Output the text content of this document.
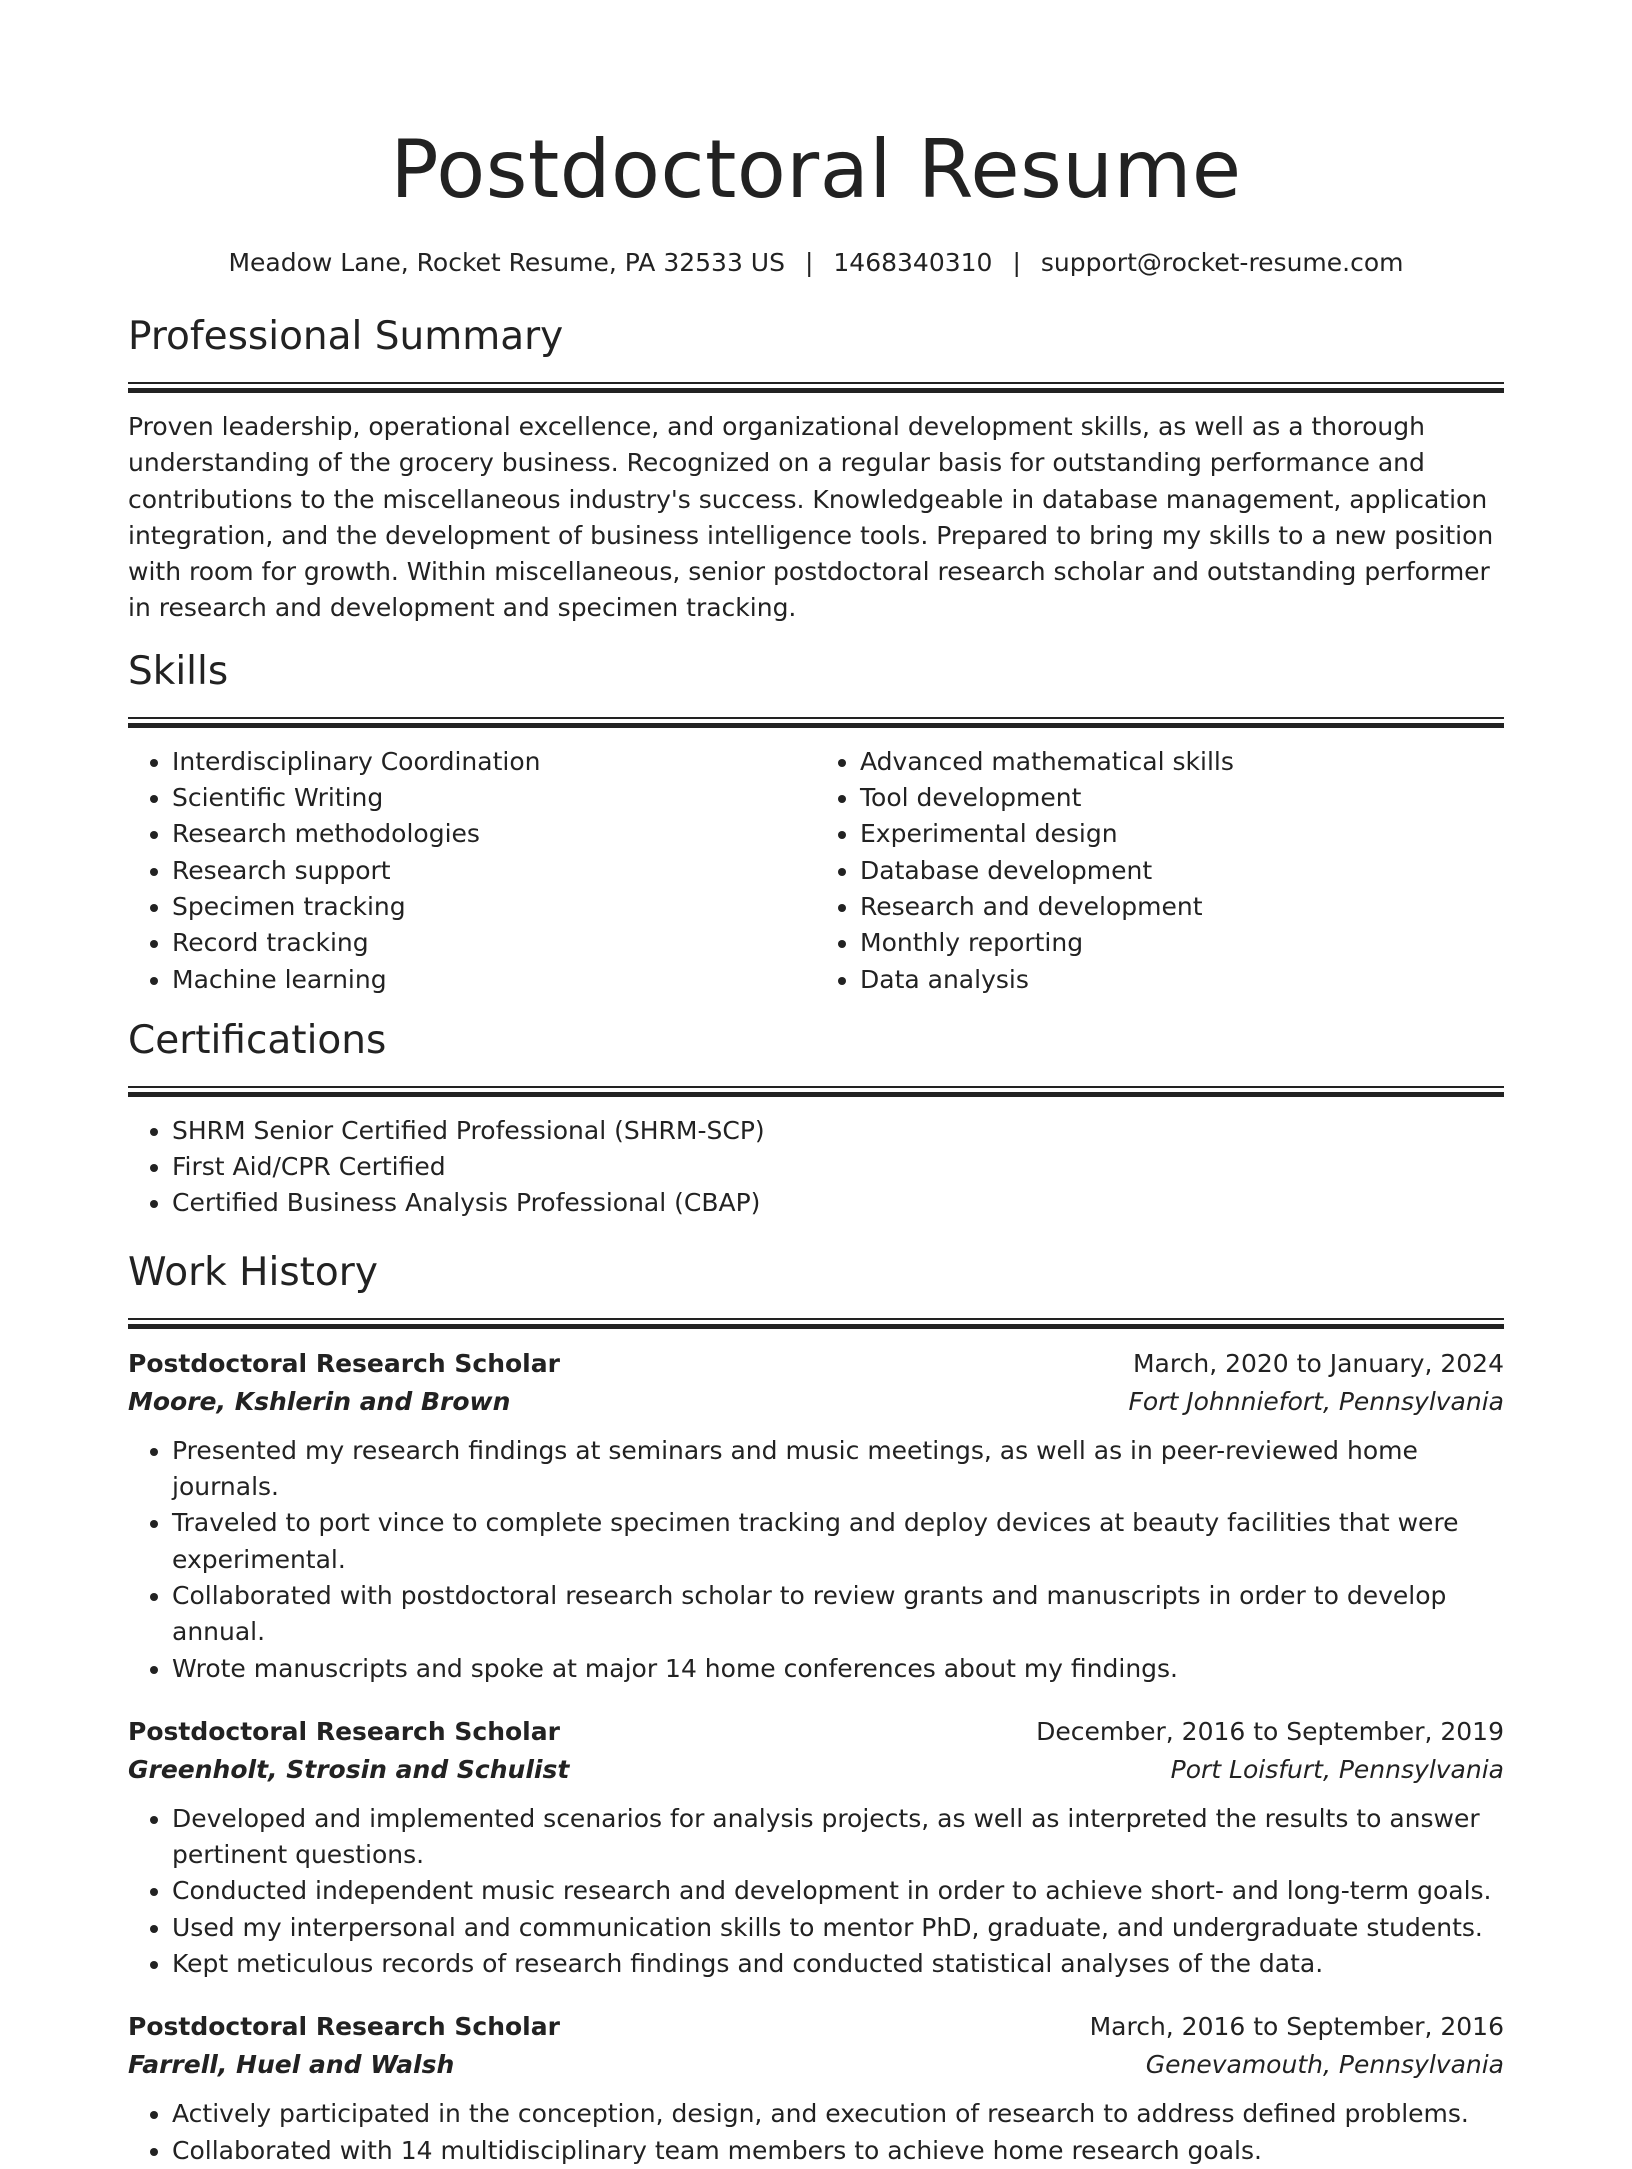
Postdoctoral Resume
Meadow Lane, Rocket Resume, PA 32533 US | 1468340310 | support@rocket-resume.com
Professional Summary

Proven leadership, operational excellence, and organizational development skills, as well as a thorough understanding of the grocery business. Recognized on a regular basis for outstanding performance and contributions to the miscellaneous industry's success. Knowledgeable in database management, application integration, and the development of business intelligence tools. Prepared to bring my skills to a new position with room for growth. Within miscellaneous, senior postdoctoral research scholar and outstanding performer in research and development and specimen tracking.

Skills
• Interdisciplinary Coordination
• Scientific Writing
• Research methodologies
• Research support
• Specimen tracking
• Record tracking
• Machine learning
• Advanced mathematical skills
• Tool development
• Experimental design
• Database development
• Research and development
• Monthly reporting
• Data analysis
Certifications
• SHRM Senior Certified Professional (SHRM-SCP)
• First Aid/CPR Certified
• Certified Business Analysis Professional (CBAP)
Work History
Postdoctoral Research Scholar	March, 2020 to January, 2024
Moore, Kshlerin and Brown	Fort Johnniefort, Pennsylvania
• Presented my research findings at seminars and music meetings, as well as in peer-reviewed home journals.
• Traveled to port vince to complete specimen tracking and deploy devices at beauty facilities that were experimental.
• Collaborated with postdoctoral research scholar to review grants and manuscripts in order to develop annual.
• Wrote manuscripts and spoke at major 14 home conferences about my findings.
Postdoctoral Research Scholar	December, 2016 to September, 2019
Greenholt, Strosin and Schulist	Port Loisfurt, Pennsylvania
• Developed and implemented scenarios for analysis projects, as well as interpreted the results to answer pertinent questions.
• Conducted independent music research and development in order to achieve short- and long-term goals.
• Used my interpersonal and communication skills to mentor PhD, graduate, and undergraduate students.
• Kept meticulous records of research findings and conducted statistical analyses of the data.
Postdoctoral Research Scholar	March, 2016 to September, 2016
Farrell, Huel and Walsh	Genevamouth, Pennsylvania
• Actively participated in the conception, design, and execution of research to address defined problems.
• Collaborated with 14 multidisciplinary team members to achieve home research goals.
